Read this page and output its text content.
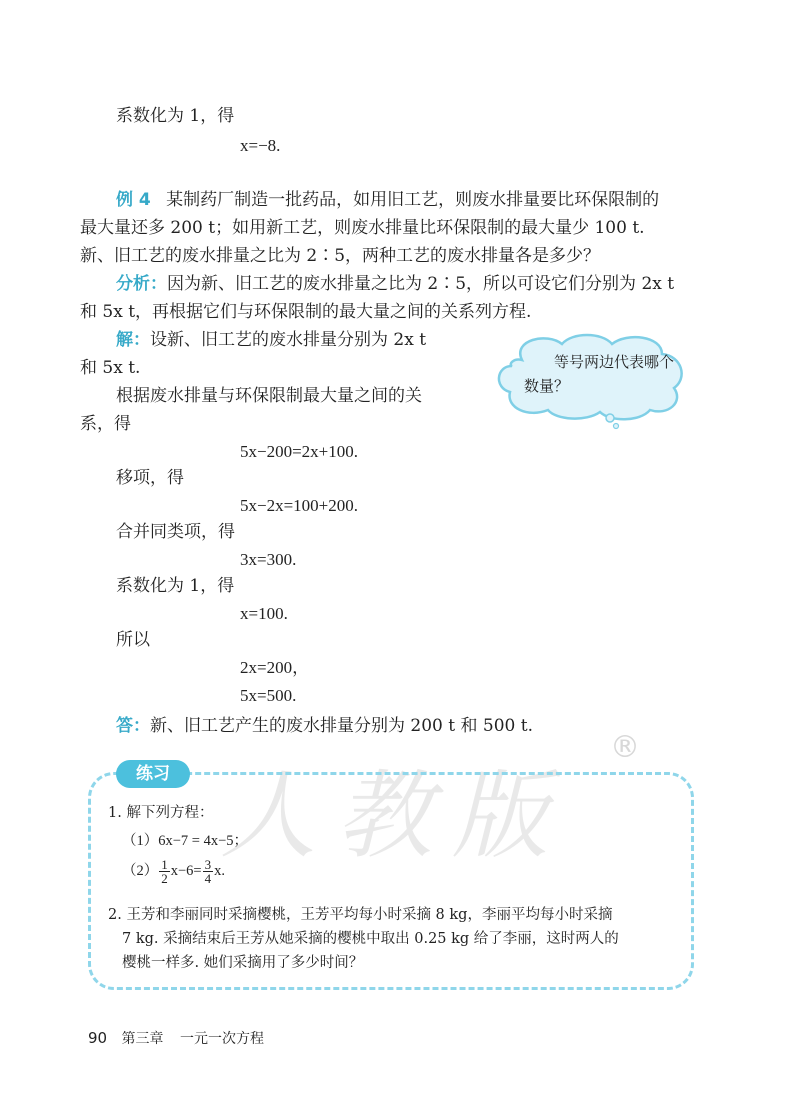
系数化为 1，得
x=−8.
例 4 某制药厂制造一批药品，如用旧工艺，则废水排量要比环保限制的
最大量还多 200 t；如用新工艺，则废水排量比环保限制的最大量少 100 t.
新、旧工艺的废水排量之比为 2∶5，两种工艺的废水排量各是多少？
分析：因为新、旧工艺的废水排量之比为 2∶5，所以可设它们分别为 2x t
和 5x t，再根据它们与环保限制的最大量之间的关系列方程.
解：设新、旧工艺的废水排量分别为 2x t
和 5x t.
根据废水排量与环保限制最大量之间的关
系，得
5x−200=2x+100.
移项，得
5x−2x=100+200.
合并同类项，得
3x=300.
系数化为 1，得
x=100.
所以
2x=200，
5x=500.
答：新、旧工艺产生的废水排量分别为 200 t 和 500 t.
等号两边代表哪个数量？
人教版
®
练习
1. 解下列方程：
（1）6x−7 = 4x−5；
$(2) \frac{1}{2} x-6= \frac{3}{4} x$.
2. 王芳和李丽同时采摘樱桃，王芳平均每小时采摘 8 kg，李丽平均每小时采摘
7 kg. 采摘结束后王芳从她采摘的樱桃中取出 0.25 kg 给了李丽，这时两人的
樱桃一样多. 她们采摘用了多少时间？
90 第三章 一元一次方程
